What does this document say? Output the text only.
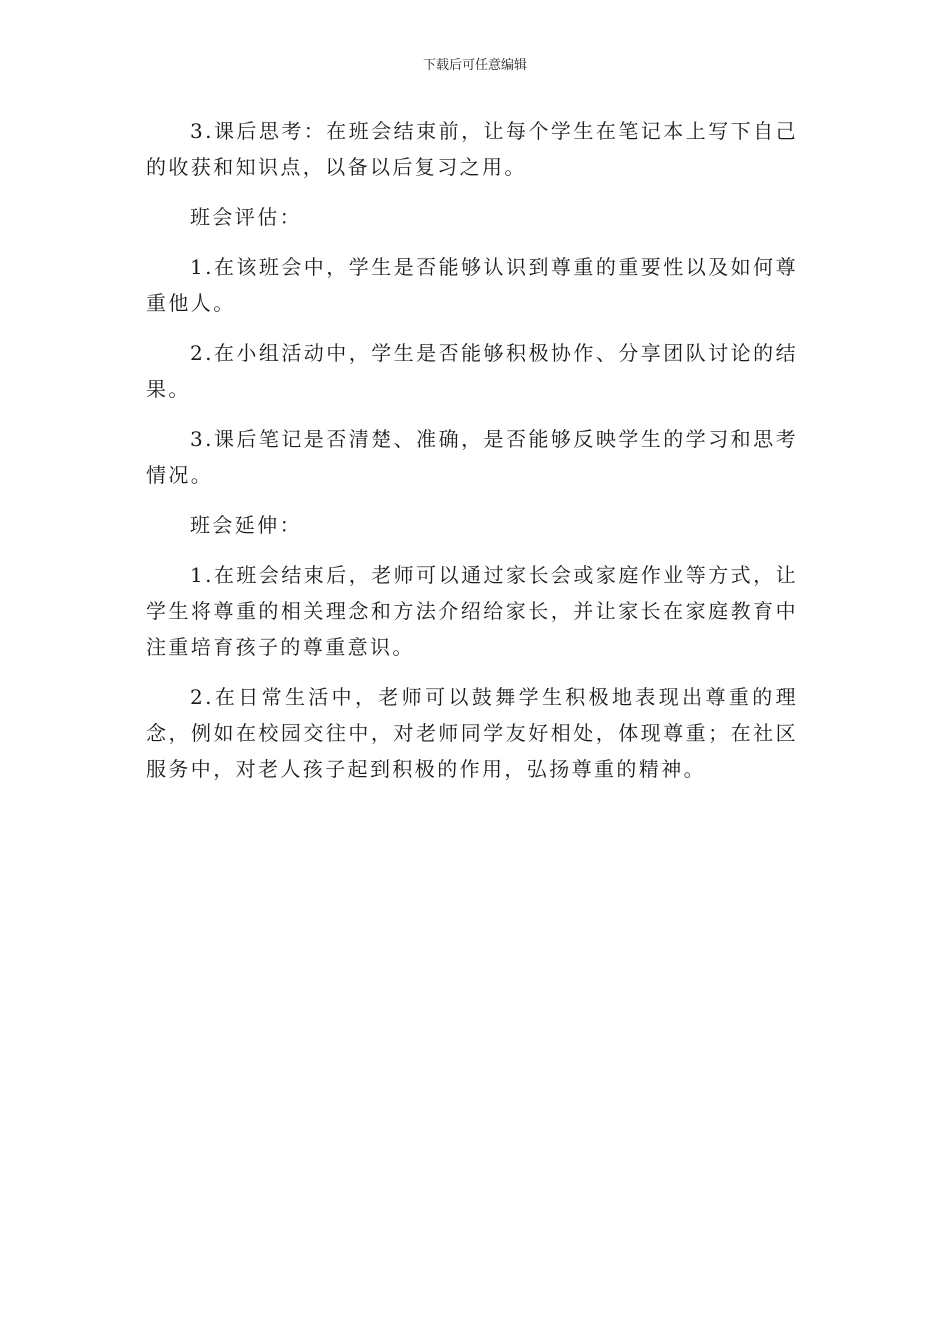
下载后可任意编辑

3.课后思考：在班会结束前，让每个学生在笔记本上写下自己的收获和知识点，以备以后复习之用。

班会评估：

1.在该班会中，学生是否能够认识到尊重的重要性以及如何尊重他人。

2.在小组活动中，学生是否能够积极协作、分享团队讨论的结果。

3.课后笔记是否清楚、准确，是否能够反映学生的学习和思考情况。

班会延伸：

1.在班会结束后，老师可以通过家长会或家庭作业等方式，让学生将尊重的相关理念和方法介绍给家长，并让家长在家庭教育中注重培育孩子的尊重意识。

2.在日常生活中，老师可以鼓舞学生积极地表现出尊重的理念，例如在校园交往中，对老师同学友好相处，体现尊重；在社区服务中，对老人孩子起到积极的作用，弘扬尊重的精神。
